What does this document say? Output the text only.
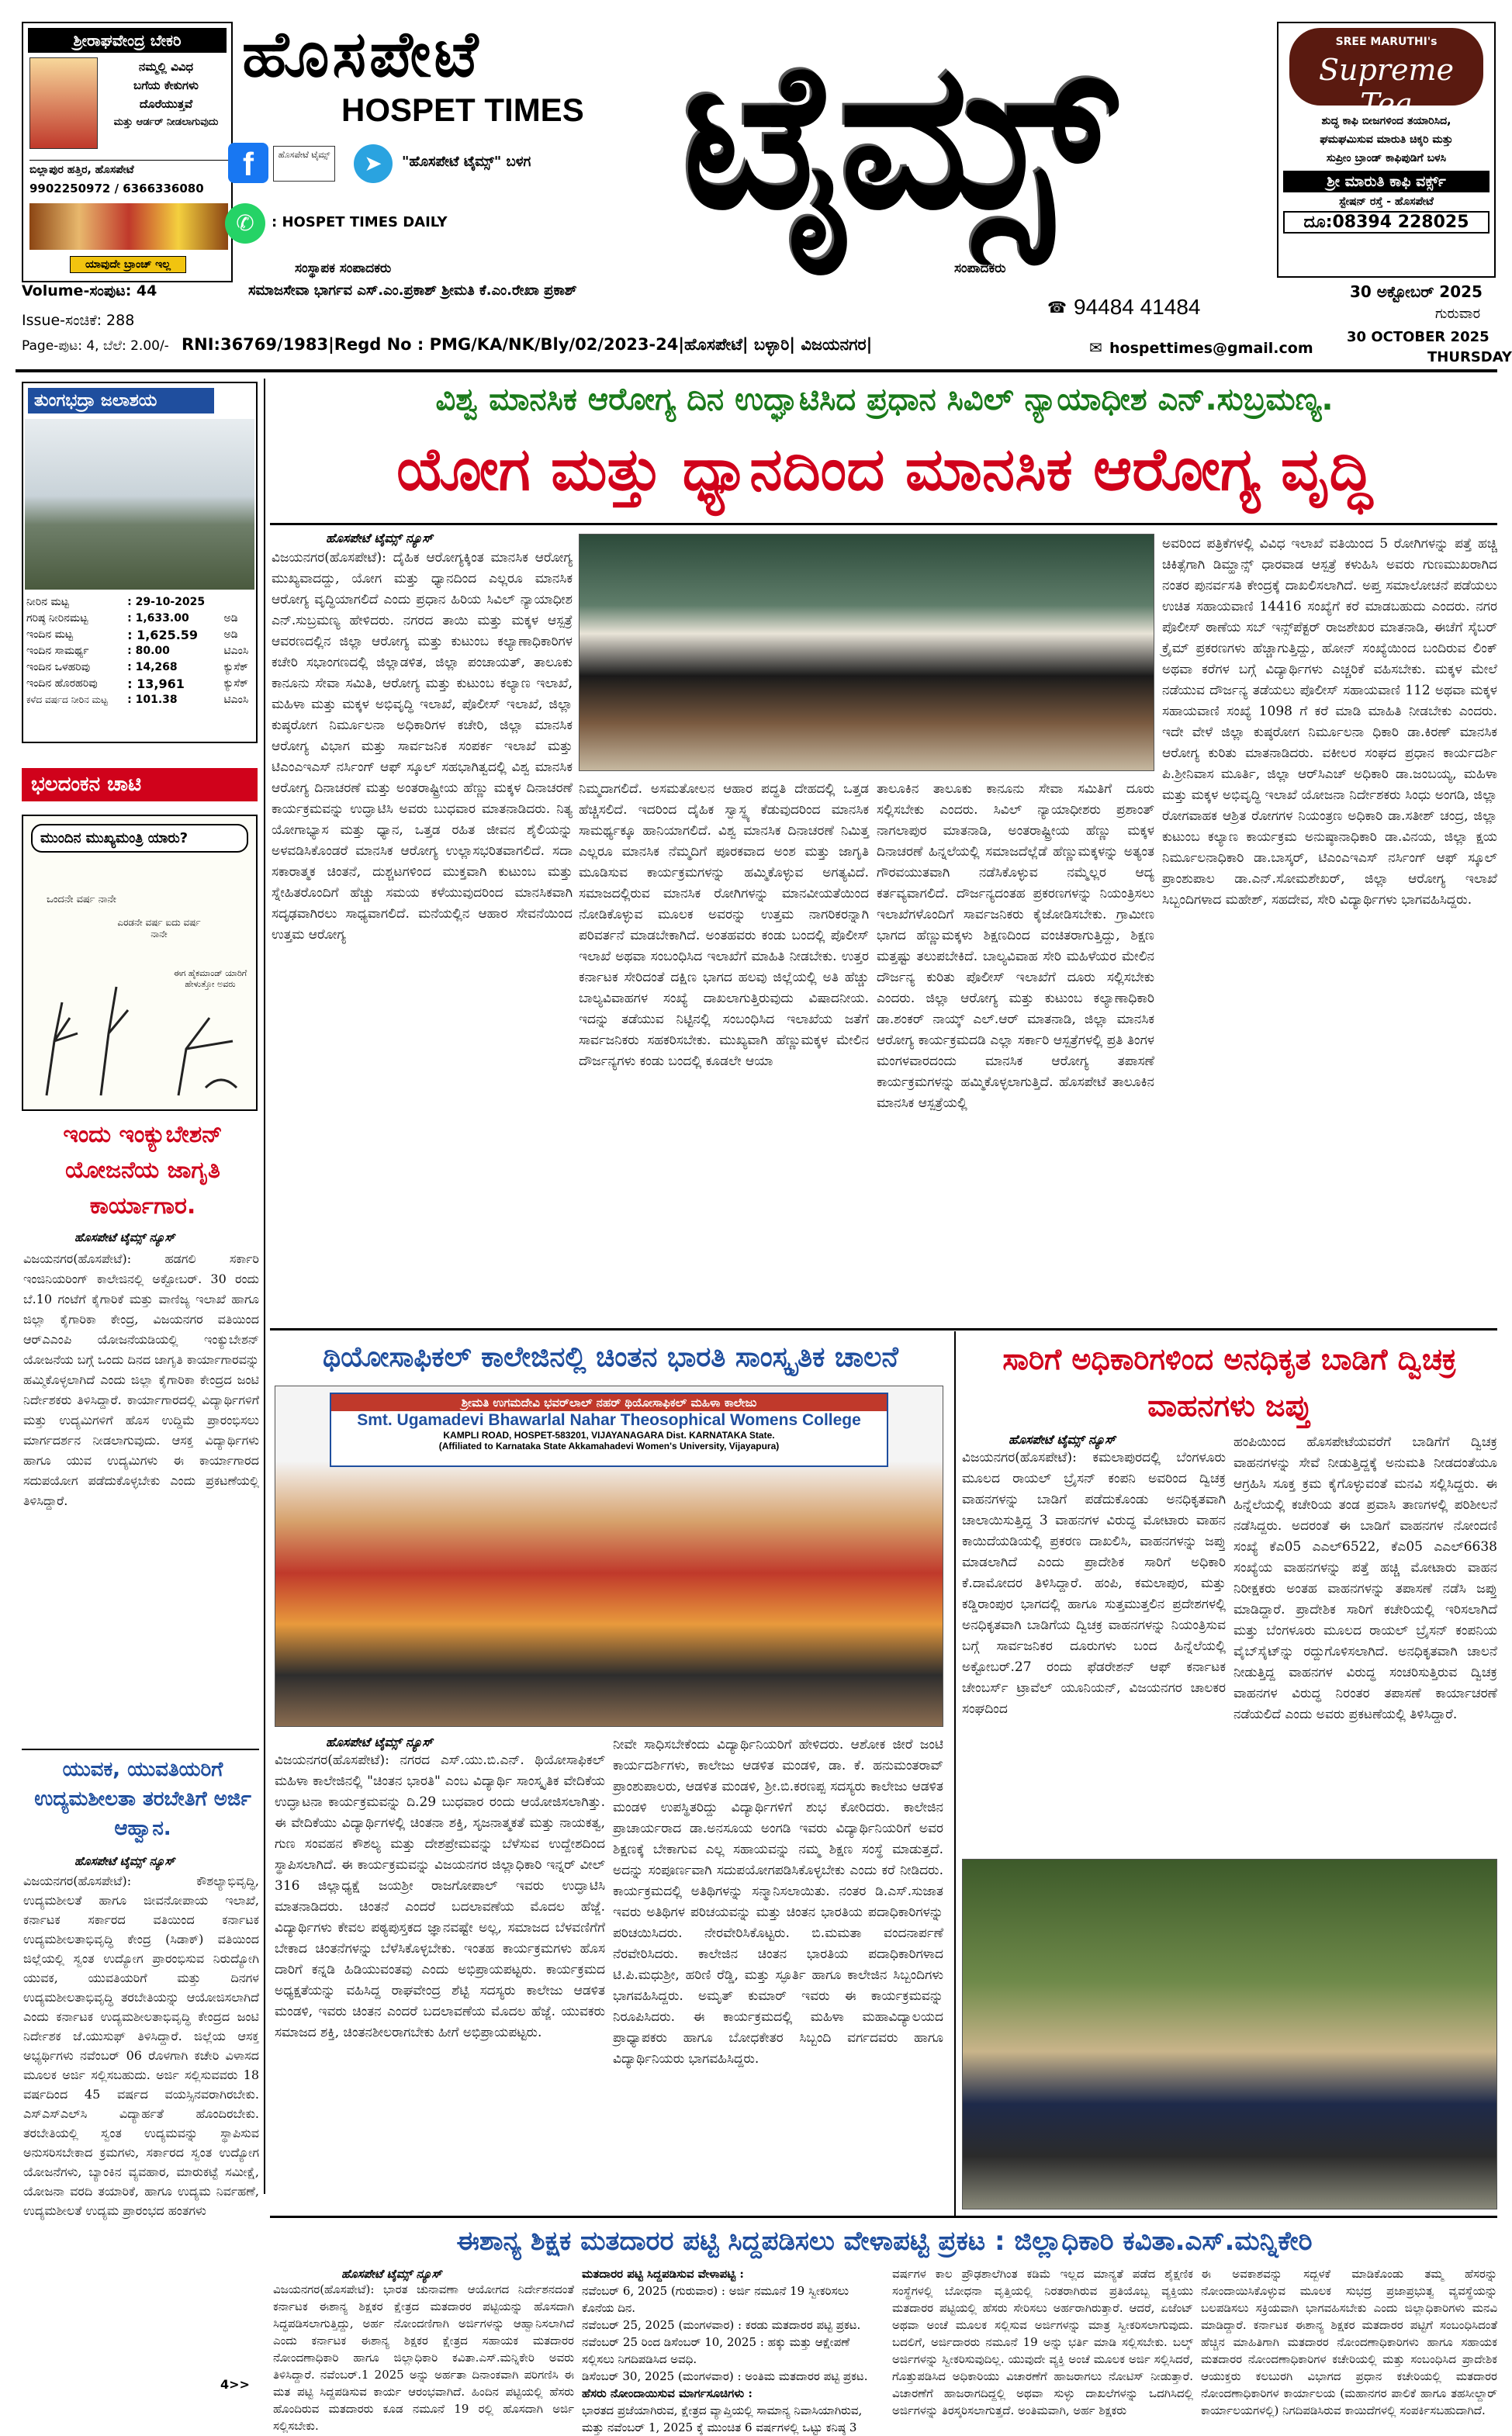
ಶ್ರೀರಾಘವೇಂದ್ರ ಬೇಕರಿ
ನಮ್ಮಲ್ಲಿ ವಿವಿಧ
ಬಗೆಯ ಕೇಕುಗಳು
ದೊರೆಯುತ್ತವೆ
ಮತ್ತು ಆರ್ಡರ್ ನೀಡಲಾಗುವುದು
ಬಿಲ್ಲಾಪುರ ಹತ್ತಿರ, ಹೊಸಪೇಟೆ
9902250972 / 6366336080
ಯಾವುದೇ ಬ್ರಾಂಚ್ ಇಲ್ಲ
ಹೊಸಪೇಟೆ
HOSPET TIMES ಟೈಮ್ಸ್
f	ಹೊಸಪೇಟೆ ಟೈಮ್ಸ್	➤	"ಹೊಸಪೇಟೆ ಟೈಮ್ಸ್" ಬಳಗ
✆	: HOSPET TIMES DAILY
ಸಂಸ್ಥಾಪಕ ಸಂಪಾದಕರು	ಸಂಪಾದಕರು
ಸಮಾಜಸೇವಾ ಭಾರ್ಗವ ಎಸ್.ಎಂ.ಪ್ರಕಾಶ್ ಶ್ರೀಮತಿ ಕೆ.ಎಂ.ರೇಖಾ ಪ್ರಕಾಶ್
☎ 94484 41484
Volume-ಸಂಪುಟ: 44
Issue-ಸಂಚಿಕೆ: 288
Page-ಪುಟ: 4, ಬೆಲೆ: 2.00/- RNI:36769/1983|Regd No : PMG/KA/NK/Bly/02/2023-24|ಹೊಸಪೇಟೆ| ಬಳ್ಳಾರಿ| ವಿಜಯನಗರ|	✉ hospettimes@gmail.com
SREE MARUTHI's
Supreme Tea
ಶುದ್ಧ ಕಾಫಿ ಬೀಜಗಳಿಂದ ತಯಾರಿಸಿದ,
ಘಮಘಮಿಸುವ ಮಾರುತಿ ಚಿಕ್ಕರಿ ಮತ್ತು
ಸುಪ್ರೀಂ ಬ್ರಾಂಡ್ ಕಾಫಿಪುಡಿಗೆ ಬಳಸಿ
ಶ್ರೀ ಮಾರುತಿ ಕಾಫಿ ವರ್ಕ್ಸ್
ಸ್ಟೇಷನ್ ರಸ್ತೆ - ಹೊಸಪೇಟೆ
ದೂ:08394 228025
30 ಅಕ್ಟೋಬರ್ 2025
ಗುರುವಾರ
30 OCTOBER 2025
THURSDAY
ತುಂಗಭದ್ರಾ ಜಲಾಶಯ
ನೀರಿನ ಮಟ್ಟ	: 29-10-2025	
ಗರಿಷ್ಠ ನೀರಿನಮಟ್ಟ	: 1,633.00	ಅಡಿ
ಇಂದಿನ ಮಟ್ಟ	: 1,625.59	ಅಡಿ
ಇಂದಿನ ಸಾಮರ್ಥ್ಯ	: 80.00	ಟಿಎಂಸಿ
ಇಂದಿನ ಒಳಹರಿವು	: 14,268	ಕ್ಯುಸೆಕ್
ಇಂದಿನ ಹೊರಹರಿವು	: 13,961	ಕ್ಯುಸೆಕ್
ಕಳೆದ ವರ್ಷದ ನೀರಿನ ಮಟ್ಟ	: 101.38	ಟಿಎಂಸಿ
ಭಲದಂಕನ ಚಾಟಿ
ಮುಂದಿನ ಮುಖ್ಯಮಂತ್ರಿ ಯಾರು?
ಒಂದನೇ ವರ್ಷ ನಾನೇ
ಎರಡನೇ ವರ್ಷ ಐದು ವರ್ಷ ನಾನೇ
ಈಗ ಹೈಕಮಾಂಡ್ ಯಾರಿಗೆ ಹೇಳುತ್ತೋ ಅವರು
ಇಂದು ಇಂಕ್ಯುಬೇಶನ್ ಯೋಜನೆಯ ಜಾಗೃತಿ ಕಾರ್ಯಾಗಾರ.
ಹೊಸಪೇಟೆ ಟೈಮ್ಸ್ ನ್ಯೂಸ್
ವಿಜಯನಗರ(ಹೊಸಪೇಟೆ): ಹಡಗಲಿ ಸರ್ಕಾರಿ ಇಂಜಿನಿಯರಿಂಗ್ ಕಾಲೇಜಿನಲ್ಲಿ ಅಕ್ಟೋಬರ್. 30 ರಂದು ಬೆ.10 ಗಂಟೆಗೆ ಕೈಗಾರಿಕೆ ಮತ್ತು ವಾಣಿಜ್ಯ ಇಲಾಖೆ ಹಾಗೂ ಜಿಲ್ಲಾ ಕೈಗಾರಿಕಾ ಕೇಂದ್ರ, ವಿಜಯನಗರ ವತಿಯಿಂದ ಆರ್‌ಎಎಂಪಿ ಯೋಜನೆಯಡಿಯಲ್ಲಿ ಇಂಕ್ಯುಬೇಶನ್ ಯೋಜನೆಯ ಬಗ್ಗೆ ಒಂದು ದಿನದ ಜಾಗೃತಿ ಕಾರ್ಯಾಗಾರವನ್ನು ಹಮ್ಮಿಕೊಳ್ಳಲಾಗಿದೆ ಎಂದು ಜಿಲ್ಲಾ ಕೈಗಾರಿಕಾ ಕೇಂದ್ರದ ಜಂಟಿ ನಿರ್ದೇಶಕರು ತಿಳಿಸಿದ್ದಾರೆ. ಕಾರ್ಯಾಗಾರದಲ್ಲಿ ವಿದ್ಯಾರ್ಥಿಗಳಿಗೆ ಮತ್ತು ಉದ್ಯಮಿಗಳಿಗೆ ಹೊಸ ಉದ್ದಿಮೆ ಪ್ರಾರಂಭಿಸಲು ಮಾರ್ಗದರ್ಶನ ನೀಡಲಾಗುವುದು. ಆಸಕ್ತ ವಿದ್ಯಾರ್ಥಿಗಳು ಹಾಗೂ ಯುವ ಉದ್ಯಮಿಗಳು ಈ ಕಾರ್ಯಾಗಾರದ ಸದುಪಯೋಗ ಪಡೆದುಕೊಳ್ಳಬೇಕು ಎಂದು ಪ್ರಕಟಣೆಯಲ್ಲಿ ತಿಳಿಸಿದ್ದಾರೆ.
ಯುವಕ, ಯುವತಿಯರಿಗೆ ಉದ್ಯಮಶೀಲತಾ ತರಬೇತಿಗೆ ಅರ್ಜಿ ಆಹ್ವಾನ.
ಹೊಸಪೇಟೆ ಟೈಮ್ಸ್ ನ್ಯೂಸ್
ವಿಜಯನಗರ(ಹೊಸಪೇಟೆ): ಕೌಶಲ್ಯಾಭಿವೃದ್ಧಿ, ಉದ್ಯಮಶೀಲತೆ ಹಾಗೂ ಜೀವನೋಪಾಯ ಇಲಾಖೆ, ಕರ್ನಾಟಕ ಸರ್ಕಾರದ ವತಿಯಿಂದ ಕರ್ನಾಟಕ ಉದ್ಯಮಶೀಲತಾಭಿವೃದ್ಧಿ ಕೇಂದ್ರ (ಸಿಡಾಕ್) ವತಿಯಿಂದ ಜಿಲ್ಲೆಯಲ್ಲಿ ಸ್ವಂತ ಉದ್ಯೋಗ ಪ್ರಾರಂಭಿಸುವ ನಿರುದ್ಯೋಗಿ ಯುವಕ, ಯುವತಿಯರಿಗೆ ಮತ್ತು ದಿನಗಳ ಉದ್ಯಮಶೀಲತಾಭಿವೃದ್ಧಿ ತರಬೇತಿಯನ್ನು ಆಯೋಜಿಸಲಾಗಿದೆ ಎಂದು ಕರ್ನಾಟಕ ಉದ್ಯಮಶೀಲತಾಭಿವೃದ್ಧಿ ಕೇಂದ್ರದ ಜಂಟಿ ನಿರ್ದೇಶಕ ಜೆ.ಯುಸುಫ್ ತಿಳಿಸಿದ್ದಾರೆ. ಜಿಲ್ಲೆಯ ಆಸಕ್ತ ಅಭ್ಯರ್ಥಿಗಳು ನವೆಂಬರ್ 06 ರೊಳಗಾಗಿ ಕಚೇರಿ ವಿಳಾಸದ ಮೂಲಕ ಅರ್ಜಿ ಸಲ್ಲಿಸಬಹುದು. ಅರ್ಜಿ ಸಲ್ಲಿಸುವವರು 18 ವರ್ಷದಿಂದ 45 ವರ್ಷದ ವಯಸ್ಸಿನವರಾಗಿರಬೇಕು. ಎಸ್‌ಎಸ್‌ಎಲ್‌ಸಿ ವಿದ್ಯಾರ್ಹತೆ ಹೊಂದಿರಬೇಕು. ತರಬೇತಿಯಲ್ಲಿ ಸ್ವಂತ ಉದ್ಯಮವನ್ನು ಸ್ಥಾಪಿಸುವ ಅನುಸರಿಸಬೇಕಾದ ಕ್ರಮಗಳು, ಸರ್ಕಾರದ ಸ್ವಂತ ಉದ್ಯೋಗ ಯೋಜನೆಗಳು, ಬ್ಯಾಂಕಿನ ವ್ಯವಹಾರ, ಮಾರುಕಟ್ಟೆ ಸಮೀಕ್ಷೆ, ಯೋಜನಾ ವರದಿ ತಯಾರಿಕೆ, ಹಾಗೂ ಉದ್ಯಮ ನಿರ್ವಹಣೆ, ಉದ್ಯಮಶೀಲತೆ ಉದ್ಯಮ ಪ್ರಾರಂಭದ ಹಂತಗಳು
4>>
ವಿಶ್ವ ಮಾನಸಿಕ ಆರೋಗ್ಯ ದಿನ ಉದ್ಘಾಟಿಸಿದ ಪ್ರಧಾನ ಸಿವಿಲ್ ನ್ಯಾಯಾಧೀಶ ಎನ್.ಸುಬ್ರಮಣ್ಯ.
ಯೋಗ ಮತ್ತು ಧ್ಯಾನದಿಂದ ಮಾನಸಿಕ ಆರೋಗ್ಯ ವೃದ್ಧಿ
ಹೊಸಪೇಟೆ ಟೈಮ್ಸ್ ನ್ಯೂಸ್
ವಿಜಯನಗರ(ಹೊಸಪೇಟೆ): ದೈಹಿಕ ಆರೋಗ್ಯಕ್ಕಿಂತ ಮಾನಸಿಕ ಆರೋಗ್ಯ ಮುಖ್ಯವಾದದ್ದು, ಯೋಗ ಮತ್ತು ಧ್ಯಾನದಿಂದ ಎಲ್ಲರೂ ಮಾನಸಿಕ ಆರೋಗ್ಯ ವೃದ್ಧಿಯಾಗಲಿದೆ ಎಂದು ಪ್ರಧಾನ ಹಿರಿಯ ಸಿವಿಲ್ ನ್ಯಾಯಾಧೀಶ ಎನ್.ಸುಬ್ರಮಣ್ಯ ಹೇಳಿದರು. ನಗರದ ತಾಯಿ ಮತ್ತು ಮಕ್ಕಳ ಆಸ್ಪತ್ರೆ ಆವರಣದಲ್ಲಿನ ಜಿಲ್ಲಾ ಆರೋಗ್ಯ ಮತ್ತು ಕುಟುಂಬ ಕಲ್ಯಾಣಾಧಿಕಾರಿಗಳ ಕಚೇರಿ ಸಭಾಂಗಣದಲ್ಲಿ ಜಿಲ್ಲಾಡಳಿತ, ಜಿಲ್ಲಾ ಪಂಚಾಯತ್, ತಾಲೂಕು ಕಾನೂನು ಸೇವಾ ಸಮಿತಿ, ಆರೋಗ್ಯ ಮತ್ತು ಕುಟುಂಬ ಕಲ್ಯಾಣ ಇಲಾಖೆ, ಮಹಿಳಾ ಮತ್ತು ಮಕ್ಕಳ ಅಭಿವೃದ್ಧಿ ಇಲಾಖೆ, ಪೊಲೀಸ್ ಇಲಾಖೆ, ಜಿಲ್ಲಾ ಕುಷ್ಠರೋಗ ನಿರ್ಮೂಲನಾ ಅಧಿಕಾರಿಗಳ ಕಚೇರಿ, ಜಿಲ್ಲಾ ಮಾನಸಿಕ ಆರೋಗ್ಯ ವಿಭಾಗ ಮತ್ತು ಸಾರ್ವಜನಿಕ ಸಂಪರ್ಕ ಇಲಾಖೆ ಮತ್ತು ಟಿಎಂಎಇಎಸ್ ನರ್ಸಿಂಗ್ ಆಫ್ ಸ್ಕೂಲ್ ಸಹಭಾಗಿತ್ವದಲ್ಲಿ ವಿಶ್ವ ಮಾನಸಿಕ ಆರೋಗ್ಯ ದಿನಾಚರಣೆ ಮತ್ತು ಅಂತರಾಷ್ಟ್ರೀಯ ಹೆಣ್ಣು ಮಕ್ಕಳ ದಿನಾಚರಣೆ ಕಾರ್ಯಕ್ರಮವನ್ನು ಉದ್ಘಾಟಿಸಿ ಅವರು ಬುಧವಾರ ಮಾತನಾಡಿದರು. ನಿತ್ಯ ಯೋಗಾಭ್ಯಾಸ ಮತ್ತು ಧ್ಯಾನ, ಒತ್ತಡ ರಹಿತ ಜೀವನ ಶೈಲಿಯನ್ನು ಅಳವಡಿಸಿಕೊಂಡರೆ ಮಾನಸಿಕ ಆರೋಗ್ಯ ಉಲ್ಲಾಸಭರಿತವಾಗಲಿದೆ. ಸದಾ ಸಕಾರಾತ್ಮಕ ಚಿಂತನೆ, ದುಶ್ಚಟಗಳಿಂದ ಮುಕ್ತವಾಗಿ ಕುಟುಂಬ ಮತ್ತು ಸ್ನೇಹಿತರೊಂದಿಗೆ ಹೆಚ್ಚು ಸಮಯ ಕಳೆಯುವುದರಿಂದ ಮಾನಸಿಕವಾಗಿ ಸದೃಢವಾಗಿರಲು ಸಾಧ್ಯವಾಗಲಿದೆ. ಮನೆಯಲ್ಲಿನ ಆಹಾರ ಸೇವನೆಯಿಂದ ಉತ್ತಮ ಆರೋಗ್ಯ
ನಿಮ್ಮದಾಗಲಿದೆ. ಅಸಮತೋಲನ ಆಹಾರ ಪದ್ಧತಿ ದೇಹದಲ್ಲಿ ಒತ್ತಡ ಹೆಚ್ಚಿಸಲಿದೆ. ಇದರಿಂದ ದೈಹಿಕ ಸ್ವಾಸ್ಥ್ಯ ಕೆಡುವುದರಿಂದ ಮಾನಸಿಕ ಸಾಮರ್ಥ್ಯಕ್ಕೂ ಹಾನಿಯಾಗಲಿದೆ. ವಿಶ್ವ ಮಾನಸಿಕ ದಿನಾಚರಣೆ ನಿಮಿತ್ತ ಎಲ್ಲರೂ ಮಾನಸಿಕ ನೆಮ್ಮದಿಗೆ ಪೂರಕವಾದ ಅಂಶ ಮತ್ತು ಜಾಗೃತಿ ಮೂಡಿಸುವ ಕಾರ್ಯಕ್ರಮಗಳನ್ನು ಹಮ್ಮಿಕೊಳ್ಳುವ ಅಗತ್ಯವಿದೆ. ಸಮಾಜದಲ್ಲಿರುವ ಮಾನಸಿಕ ರೋಗಿಗಳನ್ನು ಮಾನವೀಯತೆಯಿಂದ ನೋಡಿಕೊಳ್ಳುವ ಮೂಲಕ ಅವರನ್ನು ಉತ್ತಮ ನಾಗರಿಕರನ್ನಾಗಿ ಪರಿವರ್ತನೆ ಮಾಡಬೇಕಾಗಿದೆ. ಅಂತಹವರು ಕಂಡು ಬಂದಲ್ಲಿ ಪೊಲೀಸ್ ಇಲಾಖೆ ಅಥವಾ ಸಂಬಂಧಿಸಿದ ಇಲಾಖೆಗೆ ಮಾಹಿತಿ ನೀಡಬೇಕು. ಉತ್ತರ ಕರ್ನಾಟಕ ಸೇರಿದಂತೆ ದಕ್ಷಿಣ ಭಾಗದ ಹಲವು ಜಿಲ್ಲೆಯಲ್ಲಿ ಅತಿ ಹೆಚ್ಚು ಬಾಲ್ಯವಿವಾಹಗಳ ಸಂಖ್ಯೆ ದಾಖಲಾಗುತ್ತಿರುವುದು ವಿಷಾದನೀಯ. ಇದನ್ನು ತಡೆಯುವ ನಿಟ್ಟಿನಲ್ಲಿ ಸಂಬಂಧಿಸಿದ ಇಲಾಖೆಯ ಜತೆಗೆ ಸಾರ್ವಜನಿಕರು ಸಹಕರಿಸಬೇಕು. ಮುಖ್ಯವಾಗಿ ಹೆಣ್ಣುಮಕ್ಕಳ ಮೇಲಿನ ದೌರ್ಜನ್ಯಗಳು ಕಂಡು ಬಂದಲ್ಲಿ ಕೂಡಲೇ ಆಯಾ
ತಾಲೂಕಿನ ತಾಲೂಕು ಕಾನೂನು ಸೇವಾ ಸಮಿತಿಗೆ ದೂರು ಸಲ್ಲಿಸಬೇಕು ಎಂದರು. ಸಿವಿಲ್ ನ್ಯಾಯಾಧೀಶರು ಪ್ರಶಾಂತ್ ನಾಗಲಾಪುರ ಮಾತನಾಡಿ, ಅಂತರಾಷ್ಟ್ರೀಯ ಹೆಣ್ಣು ಮಕ್ಕಳ ದಿನಾಚರಣೆ ಹಿನ್ನಲೆಯಲ್ಲಿ ಸಮಾಜದೆಲ್ಲೆಡೆ ಹೆಣ್ಣುಮಕ್ಕಳನ್ನು ಅತ್ಯಂತ ಗೌರವಯುತವಾಗಿ ನಡೆಸಿಕೊಳ್ಳುವ ನಮ್ಮೆಲ್ಲರ ಆದ್ಯ ಕರ್ತವ್ಯವಾಗಲಿದೆ. ದೌರ್ಜನ್ಯದಂತಹ ಪ್ರಕರಣಗಳನ್ನು ನಿಯಂತ್ರಿಸಲು ಇಲಾಖೆಗಳೊಂದಿಗೆ ಸಾರ್ವಜನಿಕರು ಕೈಜೋಡಿಸಬೇಕು. ಗ್ರಾಮೀಣ ಭಾಗದ ಹೆಣ್ಣುಮಕ್ಕಳು ಶಿಕ್ಷಣದಿಂದ ವಂಚಿತರಾಗುತ್ತಿದ್ದು, ಶಿಕ್ಷಣ ಮತ್ತಷ್ಟು ತಲುಪಬೇಕಿದೆ. ಬಾಲ್ಯವಿವಾಹ ಸೇರಿ ಮಹಿಳೆಯರ ಮೇಲಿನ ದೌರ್ಜನ್ಯ ಕುರಿತು ಪೊಲೀಸ್ ಇಲಾಖೆಗೆ ದೂರು ಸಲ್ಲಿಸಬೇಕು ಎಂದರು. ಜಿಲ್ಲಾ ಆರೋಗ್ಯ ಮತ್ತು ಕುಟುಂಬ ಕಲ್ಯಾಣಾಧಿಕಾರಿ ಡಾ.ಶಂಕರ್ ನಾಯ್ಕ್ ಎಲ್.ಆರ್ ಮಾತನಾಡಿ, ಜಿಲ್ಲಾ ಮಾನಸಿಕ ಆರೋಗ್ಯ ಕಾರ್ಯಕ್ರಮದಡಿ ಎಲ್ಲಾ ಸರ್ಕಾರಿ ಆಸ್ಪತ್ರೆಗಳಲ್ಲಿ ಪ್ರತಿ ತಿಂಗಳ ಮಂಗಳವಾರದಂದು ಮಾನಸಿಕ ಆರೋಗ್ಯ ತಪಾಸಣೆ ಕಾರ್ಯಕ್ರಮಗಳನ್ನು ಹಮ್ಮಿಕೊಳ್ಳಲಾಗುತ್ತಿದೆ. ಹೊಸಪೇಟೆ ತಾಲೂಕಿನ ಮಾನಸಿಕ ಆಸ್ಪತ್ರೆಯಲ್ಲಿ
ಅವರಿಂದ ಪತ್ರಿಕೆಗಳಲ್ಲಿ ವಿವಿಧ ಇಲಾಖೆ ವತಿಯಿಂದ 5 ರೋಗಿಗಳನ್ನು ಪತ್ತೆ ಹಚ್ಚಿ ಚಿಕಿತ್ಸೆಗಾಗಿ ಡಿಮ್ಹಾನ್ಸ್ ಧಾರವಾಡ ಆಸ್ಪತ್ರೆ ಕಳುಹಿಸಿ ಅವರು ಗುಣಮುಖರಾಗಿದ ನಂತರ ಪುನರ್ವಸತಿ ಕೇಂದ್ರಕ್ಕೆ ದಾಖಲಿಸಲಾಗಿದೆ. ಅಪ್ತ ಸಮಾಲೋಚನೆ ಪಡೆಯಲು ಉಚಿತ ಸಹಾಯವಾಣಿ 14416 ಸಂಖ್ಯೆಗೆ ಕರೆ ಮಾಡಬಹುದು ಎಂದರು. ನಗರ ಪೊಲೀಸ್ ಠಾಣೆಯ ಸಬ್ ಇನ್ಸ್‌ಪೆಕ್ಟರ್ ರಾಜಶೇಖರ ಮಾತನಾಡಿ, ಈಚೆಗೆ ಸೈಬರ್ ಕ್ರೈಮ್ ಪ್ರಕರಣಗಳು ಹೆಚ್ಚಾಗುತ್ತಿದ್ದು, ಹೋನ್ ಸಂಖ್ಯೆಯಿಂದ ಬಂದಿರುವ ಲಿಂಕ್ ಅಥವಾ ಕರೆಗಳ ಬಗ್ಗೆ ವಿದ್ಯಾರ್ಥಿಗಳು ಎಚ್ಚರಿಕೆ ವಹಿಸಬೇಕು. ಮಕ್ಕಳ ಮೇಲೆ ನಡೆಯುವ ದೌರ್ಜನ್ಯ ತಡೆಯಲು ಪೊಲೀಸ್ ಸಹಾಯವಾಣಿ 112 ಅಥವಾ ಮಕ್ಕಳ ಸಹಾಯವಾಣಿ ಸಂಖ್ಯೆ 1098 ಗೆ ಕರೆ ಮಾಡಿ ಮಾಹಿತಿ ನೀಡಬೇಕು ಎಂದರು. ಇದೇ ವೇಳೆ ಜಿಲ್ಲಾ ಕುಷ್ಠರೋಗ ನಿರ್ಮೂಲನಾ ಧಿಕಾರಿ ಡಾ.ಕಿರಣ್ ಮಾನಸಿಕ ಆರೋಗ್ಯ ಕುರಿತು ಮಾತನಾಡಿದರು. ವಕೀಲರ ಸಂಘದ ಪ್ರಧಾನ ಕಾರ್ಯದರ್ಶಿ ಪಿ.ಶ್ರೀನಿವಾಸ ಮೂರ್ತಿ, ಜಿಲ್ಲಾ ಆರ್‌ಸಿಎಚ್ ಅಧಿಕಾರಿ ಡಾ.ಜಂಬಯ್ಯ, ಮಹಿಳಾ ಮತ್ತು ಮಕ್ಕಳ ಅಭಿವೃದ್ಧಿ ಇಲಾಖೆ ಯೋಜನಾ ನಿರ್ದೇಶಕರು ಸಿಂಧು ಅಂಗಡಿ, ಜಿಲ್ಲಾ ರೋಗವಾಹಕ ಆಶ್ರಿತ ರೋಗಗಳ ನಿಯಂತ್ರಣ ಅಧಿಕಾರಿ ಡಾ.ಸತೀಶ್ ಚಂದ್ರ, ಜಿಲ್ಲಾ ಕುಟುಂಬ ಕಲ್ಯಾಣ ಕಾರ್ಯಕ್ರಮ ಅನುಷ್ಠಾನಾಧಿಕಾರಿ ಡಾ.ವಿನಯ, ಜಿಲ್ಲಾ ಕ್ಷಯ ನಿರ್ಮೂಲನಾಧಿಕಾರಿ ಡಾ.ಬಾಸ್ಕರ್, ಟಿಎಂಎಇಎಸ್ ನರ್ಸಿಂಗ್ ಆಫ್ ಸ್ಕೂಲ್ ಪ್ರಾಂಶುಪಾಲ ಡಾ.ಎನ್.ಸೋಮಶೇಖರ್, ಜಿಲ್ಲಾ ಆರೋಗ್ಯ ಇಲಾಖೆ ಸಿಬ್ಬಂದಿಗಳಾದ ಮಹೇಶ್, ಸಹದೇವ, ಸೇರಿ ವಿದ್ಯಾರ್ಥಿಗಳು ಭಾಗವಹಿಸಿದ್ದರು.
ಥಿಯೋಸಾಫಿಕಲ್ ಕಾಲೇಜಿನಲ್ಲಿ ಚಿಂತನ ಭಾರತಿ ಸಾಂಸ್ಕೃತಿಕ ಚಾಲನೆ
ಶ್ರೀಮತಿ ಉಗಮದೇವಿ ಭವರ್‌ಲಾಲ್ ನಹರ್ ಥಿಯೋಸಾಫಿಕಲ್ ಮಹಿಳಾ ಕಾಲೇಜು
Smt. Ugamadevi Bhawarlal Nahar Theosophical Womens College
KAMPLI ROAD, HOSPET-583201, VIJAYANAGARA Dist. KARNATAKA State.
(Affiliated to Karnataka State Akkamahadevi Women's University, Vijayapura)
ಹೊಸಪೇಟೆ ಟೈಮ್ಸ್ ನ್ಯೂಸ್
ವಿಜಯನಗರ(ಹೊಸಪೇಟೆ): ನಗರದ ಎಸ್.ಯು.ಬಿ.ಎನ್. ಥಿಯೋಸಾಫಿಕಲ್ ಮಹಿಳಾ ಕಾಲೇಜಿನಲ್ಲಿ "ಚಿಂತನ ಭಾರತಿ" ಎಂಬ ವಿದ್ಯಾರ್ಥಿ ಸಾಂಸ್ಕೃತಿಕ ವೇದಿಕೆಯ ಉದ್ಘಾಟನಾ ಕಾರ್ಯಕ್ರಮವನ್ನು ದಿ.29 ಬುಧವಾರ ರಂದು ಆಯೋಜಿಸಲಾಗಿತ್ತು. ಈ ವೇದಿಕೆಯು ವಿದ್ಯಾರ್ಥಿಗಳಲ್ಲಿ ಚಿಂತನಾ ಶಕ್ತಿ, ಸೃಜನಾತ್ಮಕತೆ ಮತ್ತು ನಾಯಕತ್ವ, ಗುಣ ಸಂವಹನ ಕೌಶಲ್ಯ ಮತ್ತು ದೇಶಪ್ರೇಮವನ್ನು ಬೆಳೆಸುವ ಉದ್ದೇಶದಿಂದ ಸ್ಥಾಪಿಸಲಾಗಿದೆ. ಈ ಕಾರ್ಯಕ್ರಮವನ್ನು ವಿಜಯನಗರ ಜಿಲ್ಲಾಧಿಕಾರಿ ಇನ್ನರ್ ವೀಲ್ 316 ಜಿಲ್ಲಾಧ್ಯಕ್ಷೆ ಜಯಶ್ರೀ ರಾಜಗೋಪಾಲ್ ಇವರು ಉದ್ಘಾಟಿಸಿ ಮಾತನಾಡಿದರು. ಚಿಂತನೆ ಎಂದರೆ ಬದಲಾವಣೆಯ ಮೊದಲ ಹೆಜ್ಜೆ. ವಿದ್ಯಾರ್ಥಿಗಳು ಕೇವಲ ಪಠ್ಯಪುಸ್ತಕದ ಜ್ಞಾನವಷ್ಟೇ ಅಲ್ಲ, ಸಮಾಜದ ಬೆಳವಣಿಗೆಗೆ ಬೇಕಾದ ಚಿಂತನೆಗಳನ್ನು ಬೆಳೆಸಿಕೊಳ್ಳಬೇಕು. ಇಂತಹ ಕಾರ್ಯಕ್ರಮಗಳು ಹೊಸ ದಾರಿಗೆ ಕನ್ನಡಿ ಹಿಡಿಯುವಂತವು ಎಂದು ಅಭಿಪ್ರಾಯಪಟ್ಟರು. ಕಾರ್ಯಕ್ರಮದ ಅಧ್ಯಕ್ಷತೆಯನ್ನು ವಹಿಸಿದ್ದ ರಾಘವೇಂದ್ರ ಶೆಟ್ಟಿ ಸದಸ್ಯರು ಕಾಲೇಜು ಆಡಳಿತ ಮಂಡಳಿ, ಇವರು ಚಿಂತನ ಎಂದರೆ ಬದಲಾವಣೆಯ ಮೊದಲ ಹೆಜ್ಜೆ. ಯುವಕರು ಸಮಾಜದ ಶಕ್ತಿ, ಚಿಂತನಶೀಲರಾಗಬೇಕು ಹೀಗೆ ಅಭಿಪ್ರಾಯಪಟ್ಟರು.
ನೀವೇ ಸಾಧಿಸಬೇಕೆಂದು ವಿದ್ಯಾರ್ಥಿನಿಯರಿಗೆ ಹೇಳಿದರು. ಆಶೋಕ ಜೀರೆ ಜಂಟಿ ಕಾರ್ಯದರ್ಶಿಗಳು, ಕಾಲೇಜು ಆಡಳಿತ ಮಂಡಳಿ, ಡಾ. ಕೆ. ಹನುಮಂತರಾವ್ ಪ್ರಾಂಶುಪಾಲರು, ಆಡಳಿತ ಮಂಡಳಿ, ಶ್ರೀ.ಬಿ.ಕರಣಪ್ಪ ಸದಸ್ಯರು ಕಾಲೇಜು ಆಡಳಿತ ಮಂಡಳಿ ಉಪಸ್ಥಿತರಿದ್ದು ವಿದ್ಯಾರ್ಥಿಗಳಿಗೆ ಶುಭ ಕೋರಿದರು. ಕಾಲೇಜಿನ ಪ್ರಾಚಾರ್ಯರಾದ ಡಾ.ಅನಸೂಯ ಅಂಗಡಿ ಇವರು ವಿದ್ಯಾರ್ಥಿನಿಯರಿಗೆ ಅವರ ಶಿಕ್ಷಣಕ್ಕೆ ಬೇಕಾಗುವ ಎಲ್ಲ ಸಹಾಯವನ್ನು ನಮ್ಮ ಶಿಕ್ಷಣ ಸಂಸ್ಥೆ ಮಾಡುತ್ತದೆ. ಅದನ್ನು ಸಂಪೂರ್ಣವಾಗಿ ಸದುಪಯೋಗಪಡಿಸಿಕೊಳ್ಳಬೇಕು ಎಂದು ಕರೆ ನೀಡಿದರು. ಕಾರ್ಯಕ್ರಮದಲ್ಲಿ ಅತಿಥಿಗಳನ್ನು ಸನ್ಮಾನಿಸಲಾಯಿತು. ನಂತರ ಡಿ.ಎಸ್.ಸುಜಾತ ಇವರು ಅತಿಥಿಗಳ ಪರಿಚಯವನ್ನು ಮತ್ತು ಚಿಂತನ ಭಾರತಿಯ ಪದಾಧಿಕಾರಿಗಳನ್ನು ಪರಿಚಯಿಸಿದರು. ನೇರವೇರಿಸಿಕೊಟ್ಟರು. ಬಿ.ಮಮತಾ ವಂದನಾರ್ಪಣೆ ನೆರವೇರಿಸಿದರು. ಕಾಲೇಜಿನ ಚಿಂತನ ಭಾರತಿಯ ಪದಾಧಿಕಾರಿಗಳಾದ ಟಿ.ಪಿ.ಮಧುಶ್ರೀ, ಹರಿಣಿ ರೆಡ್ಡಿ, ಮತ್ತು ಸ್ಫೂರ್ತಿ ಹಾಗೂ ಕಾಲೇಜಿನ ಸಿಬ್ಬಂದಿಗಳು ಭಾಗವಹಿಸಿದ್ದರು. ಅಮೃತ್ ಕುಮಾರ್ ಇವರು ಈ ಕಾರ್ಯಕ್ರಮವನ್ನು ನಿರೂಪಿಸಿದರು. ಈ ಕಾರ್ಯಕ್ರಮದಲ್ಲಿ ಮಹಿಳಾ ಮಹಾವಿದ್ಯಾಲಯದ ಪ್ರಾಧ್ಯಾಪಕರು ಹಾಗೂ ಬೋಧಕೇತರ ಸಿಬ್ಬಂದಿ ವರ್ಗದವರು ಹಾಗೂ ವಿದ್ಯಾರ್ಥಿನಿಯರು ಭಾಗವಹಿಸಿದ್ದರು.
ಸಾರಿಗೆ ಅಧಿಕಾರಿಗಳಿಂದ ಅನಧಿಕೃತ ಬಾಡಿಗೆ ದ್ವಿಚಕ್ರ ವಾಹನಗಳು ಜಪ್ತು
ಹೊಸಪೇಟೆ ಟೈಮ್ಸ್ ನ್ಯೂಸ್
ವಿಜಯನಗರ(ಹೊಸಪೇಟೆ): ಕಮಲಾಪುರದಲ್ಲಿ ಬೆಂಗಳೂರು ಮೂಲದ ರಾಯಲ್ ಬ್ರೈಸನ್ ಕಂಪನಿ ಅವರಿಂದ ದ್ವಿಚಕ್ರ ವಾಹನಗಳನ್ನು ಬಾಡಿಗೆ ಪಡೆದುಕೊಂಡು ಅನಧಿಕೃತವಾಗಿ ಚಾಲಾಯಿಸುತ್ತಿದ್ದ 3 ವಾಹನಗಳ ವಿರುದ್ಧ ಮೋಟಾರು ವಾಹನ ಕಾಯಿದೆಯಡಿಯಲ್ಲಿ ಪ್ರಕರಣ ದಾಖಲಿಸಿ, ವಾಹನಗಳನ್ನು ಜಪ್ತು ಮಾಡಲಾಗಿದೆ ಎಂದು ಪ್ರಾದೇಶಿಕ ಸಾರಿಗೆ ಅಧಿಕಾರಿ ಕೆ.ದಾಮೋದರ ತಿಳಿಸಿದ್ದಾರೆ. ಹಂಪಿ, ಕಮಲಾಪುರ, ಮತ್ತು ಕಡ್ಡಿರಾಂಪುರ ಭಾಗದಲ್ಲಿ ಹಾಗೂ ಸುತ್ತಮುತ್ತಲಿನ ಪ್ರದೇಶಗಳಲ್ಲಿ ಅನಧಿಕೃತವಾಗಿ ಬಾಡಿಗೆಯ ದ್ವಿಚಕ್ರ ವಾಹನಗಳನ್ನು ನಿಯಂತ್ರಿಸುವ ಬಗ್ಗೆ ಸಾರ್ವಜನಿಕರ ದೂರುಗಳು ಬಂದ ಹಿನ್ನೆಲೆಯಲ್ಲಿ ಅಕ್ಟೋಬರ್.27 ರಂದು ಫೆಡರೇಶನ್ ಆಫ್ ಕರ್ನಾಟಕ ಚೇಂಬರ್ಸ್ ಟ್ರಾವೆಲ್ ಯೂನಿಯನ್, ವಿಜಯನಗರ ಚಾಲಕರ ಸಂಘದಿಂದ
ಹಂಪಿಯಿಂದ ಹೊಸಪೇಟೆಯವರೆಗೆ ಬಾಡಿಗೆಗೆ ದ್ವಿಚಕ್ರ ವಾಹನಗಳನ್ನು ಸೇವೆ ನೀಡುತ್ತಿದ್ದಕ್ಕೆ ಅನುಮತಿ ನೀಡದಂತೆಯೂ ಆಗ್ರಹಿಸಿ ಸೂಕ್ತ ಕ್ರಮ ಕೈಗೊಳ್ಳುವಂತೆ ಮನವಿ ಸಲ್ಲಿಸಿದ್ದರು. ಈ ಹಿನ್ನೆಲೆಯಲ್ಲಿ ಕಚೇರಿಯ ತಂಡ ಪ್ರವಾಸಿ ತಾಣಗಳಲ್ಲಿ ಪರಿಶೀಲನೆ ನಡೆಸಿದ್ದರು. ಅದರಂತೆ ಈ ಬಾಡಿಗೆ ವಾಹನಗಳ ನೋಂದಣಿ ಸಂಖ್ಯೆ ಕೆಎ05 ಎಎಲ್6522, ಕೆಎ05 ಎಎಲ್6638 ಸಂಖ್ಯೆಯ ವಾಹನಗಳನ್ನು ಪತ್ತೆ ಹಚ್ಚಿ ಮೋಟಾರು ವಾಹನ ನಿರೀಕ್ಷಕರು ಅಂತಹ ವಾಹನಗಳನ್ನು ತಪಾಸಣೆ ನಡೆಸಿ ಜಪ್ತು ಮಾಡಿದ್ದಾರೆ. ಪ್ರಾದೇಶಿಕ ಸಾರಿಗೆ ಕಚೇರಿಯಲ್ಲಿ ಇರಿಸಲಾಗಿದೆ ಮತ್ತು ಬೆಂಗಳೂರು ಮೂಲದ ರಾಯಲ್ ಬ್ರೈಸನ್ ಕಂಪನಿಯ ವೈಬ್‌ಸೈಟ್‌ನ್ನು ರದ್ದುಗೊಳಿಸಲಾಗಿದೆ. ಅನಧಿಕೃತವಾಗಿ ಚಾಲನೆ ನೀಡುತ್ತಿದ್ದ ವಾಹನಗಳ ವಿರುದ್ಧ ಸಂಚರಿಸುತ್ತಿರುವ ದ್ವಿಚಕ್ರ ವಾಹನಗಳ ವಿರುದ್ಧ ನಿರಂತರ ತಪಾಸಣೆ ಕಾರ್ಯಾಚರಣೆ ನಡೆಯಲಿದೆ ಎಂದು ಅವರು ಪ್ರಕಟಣೆಯಲ್ಲಿ ತಿಳಿಸಿದ್ದಾರೆ.
ಈಶಾನ್ಯ ಶಿಕ್ಷಕ ಮತದಾರರ ಪಟ್ಟಿ ಸಿದ್ದಪಡಿಸಲು ವೇಳಾಪಟ್ಟಿ ಪ್ರಕಟ : ಜಿಲ್ಲಾಧಿಕಾರಿ ಕವಿತಾ.ಎಸ್.ಮನ್ನಿಕೇರಿ
ಹೊಸಪೇಟೆ ಟೈಮ್ಸ್ ನ್ಯೂಸ್
ವಿಜಯನಗರ(ಹೊಸಪೇಟೆ): ಭಾರತ ಚುನಾವಣಾ ಆಯೋಗದ ನಿರ್ದೇಶನದಂತೆ ಕರ್ನಾಟಕ ಈಶಾನ್ಯ ಶಿಕ್ಷಕರ ಕ್ಷೇತ್ರದ ಮತದಾರರ ಪಟ್ಟಿಯನ್ನು ಹೊಸದಾಗಿ ಸಿದ್ಧಪಡಿಸಲಾಗುತ್ತಿದ್ದು, ಅರ್ಹ ನೋಂದಣಿಗಾಗಿ ಅರ್ಜಿಗಳನ್ನು ಆಹ್ವಾನಿಸಲಾಗಿದೆ ಎಂದು ಕರ್ನಾಟಕ ಈಶಾನ್ಯ ಶಿಕ್ಷಕರ ಕ್ಷೇತ್ರದ ಸಹಾಯಕ ಮತದಾರರ ನೋಂದಣಾಧಿಕಾರಿ ಹಾಗೂ ಜಿಲ್ಲಾಧಿಕಾರಿ ಕವಿತಾ.ಎಸ್.ಮನ್ನಿಕೇರಿ ಅವರು ತಿಳಿಸಿದ್ದಾರೆ. ನವೆಂಬರ್.1 2025 ಅನ್ನು ಅರ್ಹತಾ ದಿನಾಂಕವಾಗಿ ಪರಿಗಣಿಸಿ ಈ ಮತ ಪಟ್ಟಿ ಸಿದ್ದಪಡಿಸುವ ಕಾರ್ಯ ಆರಂಭವಾಗಿದೆ. ಹಿಂದಿನ ಪಟ್ಟಿಯಲ್ಲಿ ಹೆಸರು ಹೊಂದಿರುವ ಮತದಾರರು ಕೂಡ ನಮೂನೆ 19 ರಲ್ಲಿ ಹೊಸದಾಗಿ ಅರ್ಜಿ ಸಲ್ಲಿಸಬೇಕು.
ಮತದಾರರ ಪಟ್ಟಿ ಸಿದ್ದಪಡಿಸುವ ವೇಳಾಪಟ್ಟಿ :
ನವೆಂಬರ್ 6, 2025 (ಗುರುವಾರ) : ಅರ್ಜಿ ನಮೂನೆ 19 ಸ್ವೀಕರಿಸಲು ಕೊನೆಯ ದಿನ.
ನವೆಂಬರ್ 25, 2025 (ಮಂಗಳವಾರ) : ಕರಡು ಮತದಾರರ ಪಟ್ಟಿ ಪ್ರಕಟ.
ನವೆಂಬರ್ 25 ರಿಂದ ಡಿಸೆಂಬರ್ 10, 2025 : ಹಕ್ಕು ಮತ್ತು ಆಕ್ಷೇಪಣೆ ಸಲ್ಲಿಸಲು ನಿಗದಿಪಡಿಸಿದ ಅವಧಿ.
ಡಿಸೆಂಬರ್ 30, 2025 (ಮಂಗಳವಾರ) : ಅಂತಿಮ ಮತದಾರರ ಪಟ್ಟಿ ಪ್ರಕಟ.
ಹೆಸರು ನೋಂದಾಯಿಸುವ ಮಾರ್ಗಸೂಚಿಗಳು :
ಭಾರತದ ಪ್ರಜೆಯಾಗಿರುವ, ಕ್ಷೇತ್ರದ ವ್ಯಾಪ್ತಿಯಲ್ಲಿ ಸಾಮಾನ್ಯ ನಿವಾಸಿಯಾಗಿರುವ, ಮತ್ತು ನವೆಂಬರ್ 1, 2025 ಕ್ಕೆ ಮುಂಚಿತ 6 ವರ್ಷಗಳಲ್ಲಿ ಒಟ್ಟು ಕನಿಷ್ಠ 3
ವರ್ಷಗಳ ಕಾಲ ಪ್ರೌಢಶಾಲೆಗಿಂತ ಕಡಿಮೆ ಇಲ್ಲದ ಮಾನ್ಯತೆ ಪಡೆದ ಶೈಕ್ಷಣಿಕ ಸಂಸ್ಥೆಗಳಲ್ಲಿ ಬೋಧನಾ ವೃತ್ತಿಯಲ್ಲಿ ನಿರತರಾಗಿರುವ ಪ್ರತಿಯೊಬ್ಬ ವ್ಯಕ್ತಿಯು ಮತದಾರರ ಪಟ್ಟಿಯಲ್ಲಿ ಹೆಸರು ಸೇರಿಸಲು ಅರ್ಹರಾಗಿರುತ್ತಾರೆ. ಆದರೆ, ಏಜೆಂಟ್ ಅಥವಾ ಅಂಚೆ ಮೂಲಕ ಸಲ್ಲಿಸುವ ಅರ್ಜಿಗಳನ್ನು ಮಾತ್ರ ಸ್ವೀಕರಿಸಲಾಗುವುದು. ಬದಲಿಗೆ, ಅರ್ಜಿದಾರರು ನಮೂನೆ 19 ಅನ್ನು ಭರ್ತಿ ಮಾಡಿ ಸಲ್ಲಿಸಬೇಕು. ಬಲ್ಕ್ ಅರ್ಜಿಗಳನ್ನು ಸ್ವೀಕರಿಸುವುದಿಲ್ಲ. ಯುವುದೇ ವ್ಯಕ್ತಿ ಅಂಚೆ ಮೂಲಕ ಅರ್ಜಿ ಸಲ್ಲಿಸಿದರೆ, ಗೊತ್ತುಪಡಿಸಿದ ಅಧಿಕಾರಿಯು ವಿಚಾರಣೆಗೆ ಹಾಜರಾಗಲು ನೋಟಿಸ್ ನೀಡುತ್ತಾರೆ. ವಿಚಾರಣೆಗೆ ಹಾಜರಾಗದಿದ್ದಲ್ಲಿ ಅಥವಾ ಸುಳ್ಳು ದಾಖಲೆಗಳನ್ನು ಒದಗಿಸಿದಲ್ಲಿ ಅರ್ಜಿಗಳನ್ನು ತಿರಸ್ಕರಿಸಲಾಗುತ್ತದೆ. ಅಂತಿಮವಾಗಿ, ಅರ್ಹ ಶಿಕ್ಷಕರು
ಈ ಅವಕಾಶವನ್ನು ಸದ್ಬಳಕೆ ಮಾಡಿಕೊಂಡು ತಮ್ಮ ಹೆಸರನ್ನು ನೋಂದಾಯಿಸಿಕೊಳ್ಳುವ ಮೂಲಕ ಸುಭದ್ರ ಪ್ರಜಾಪ್ರಭುತ್ವ ವ್ಯವಸ್ಥೆಯನ್ನು ಬಲಪಡಿಸಲು ಸಕ್ರಿಯವಾಗಿ ಭಾಗವಹಿಸಬೇಕು ಎಂದು ಜಿಲ್ಲಾಧಿಕಾರಿಗಳು ಮನವಿ ಮಾಡಿದ್ದಾರೆ. ಕರ್ನಾಟಕ ಈಶಾನ್ಯ ಶಿಕ್ಷಕರ ಮತದಾರರ ಪಟ್ಟಿಗೆ ಸಂಬಂಧಿಸಿದಂತೆ ಹೆಚ್ಚಿನ ಮಾಹಿತಿಗಾಗಿ ಮತದಾರರ ನೋಂದಣಾಧಿಕಾರಿಗಳು ಹಾಗೂ ಸಹಾಯಕ ಮತದಾರರ ನೋಂದಣಾಧಿಕಾರಿಗಳ ಕಚೇರಿಯಲ್ಲಿ ಮತ್ತು ಸಂಬಂಧಿಸಿದ ಪ್ರಾದೇಶಿಕ ಆಯುಕ್ತರು ಕಲಬುರಗಿ ವಿಭಾಗದ ಪ್ರಧಾನ ಕಚೇರಿಯಲ್ಲಿ ಮತದಾರರ ನೋಂದಣಾಧಿಕಾರಿಗಳ ಕಾರ್ಯಾಲಯ (ಮಹಾನಗರ ಪಾಲಿಕೆ ಹಾಗೂ ತಹಸೀಲ್ದಾರ್ ಕಾರ್ಯಾಲಯಗಳಲ್ಲಿ) ನಿಗದಿಪಡಿಸಿರುವ ಕಾಯಿದೆಗಳಲ್ಲಿ ಸಂಪರ್ಕಿಸಬಹುದಾಗಿದೆ.
